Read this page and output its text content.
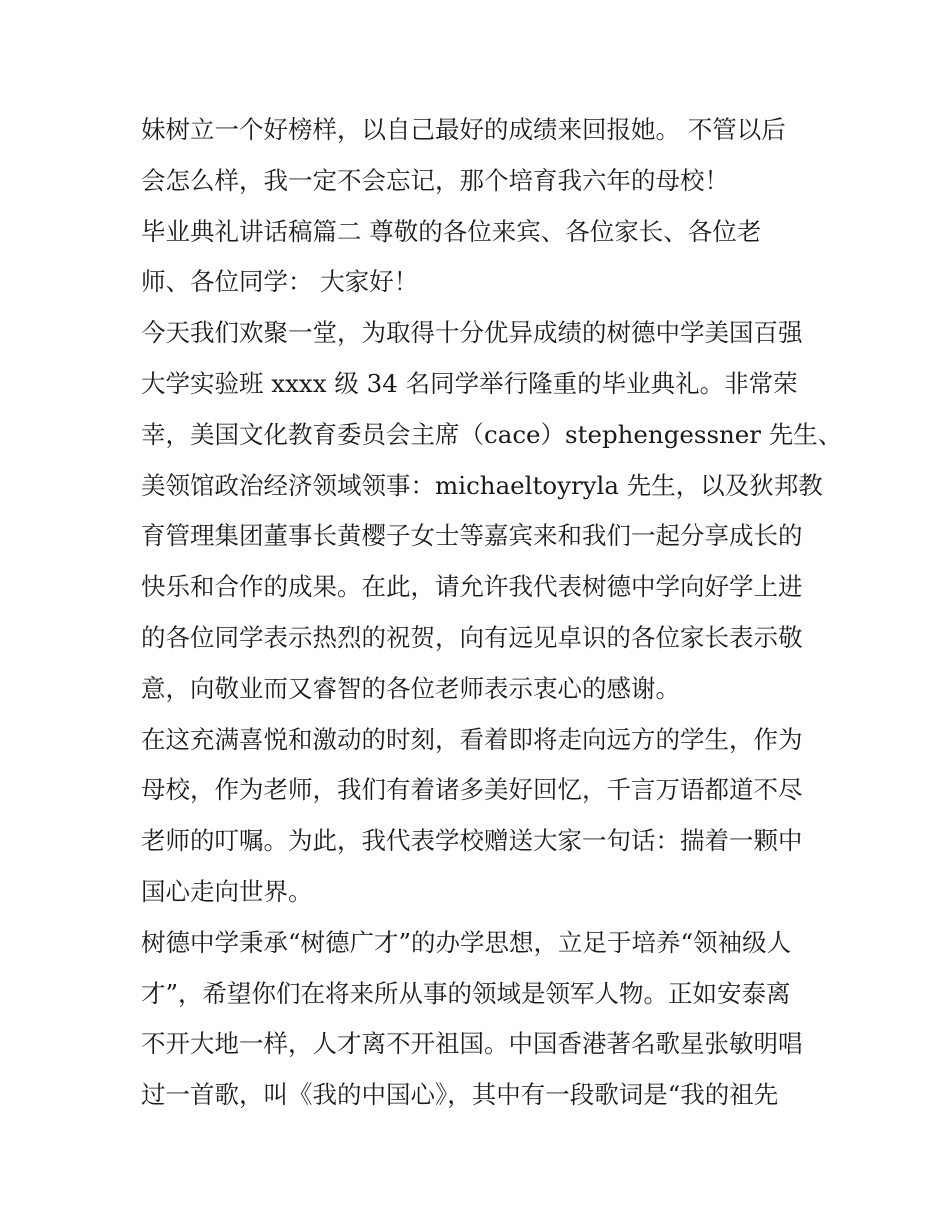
妹树立一个好榜样，以自己最好的成绩来回报她。 不管以后
会怎么样，我一定不会忘记，那个培育我六年的母校！
毕业典礼讲话稿篇二 尊敬的各位来宾、各位家长、各位老
师、各位同学： 大家好！
今天我们欢聚一堂，为取得十分优异成绩的树德中学美国百强
大学实验班 xxxx 级 34 名同学举行隆重的毕业典礼。非常荣
幸，美国文化教育委员会主席（cace）stephengessner 先生、
美领馆政治经济领域领事：michaeltoyryla 先生，以及狄邦教
育管理集团董事长黄樱子女士等嘉宾来和我们一起分享成长的
快乐和合作的成果。在此，请允许我代表树德中学向好学上进
的各位同学表示热烈的祝贺，向有远见卓识的各位家长表示敬
意，向敬业而又睿智的各位老师表示衷心的感谢。
在这充满喜悦和激动的时刻，看着即将走向远方的学生，作为
母校，作为老师，我们有着诸多美好回忆，千言万语都道不尽
老师的叮嘱。为此，我代表学校赠送大家一句话：揣着一颗中
国心走向世界。
树德中学秉承“树德广才”的办学思想，立足于培养“领袖级人
才”，希望你们在将来所从事的领域是领军人物。正如安泰离
不开大地一样，人才离不开祖国。中国香港著名歌星张敏明唱
过一首歌，叫《我的中国心》，其中有一段歌词是“我的祖先
